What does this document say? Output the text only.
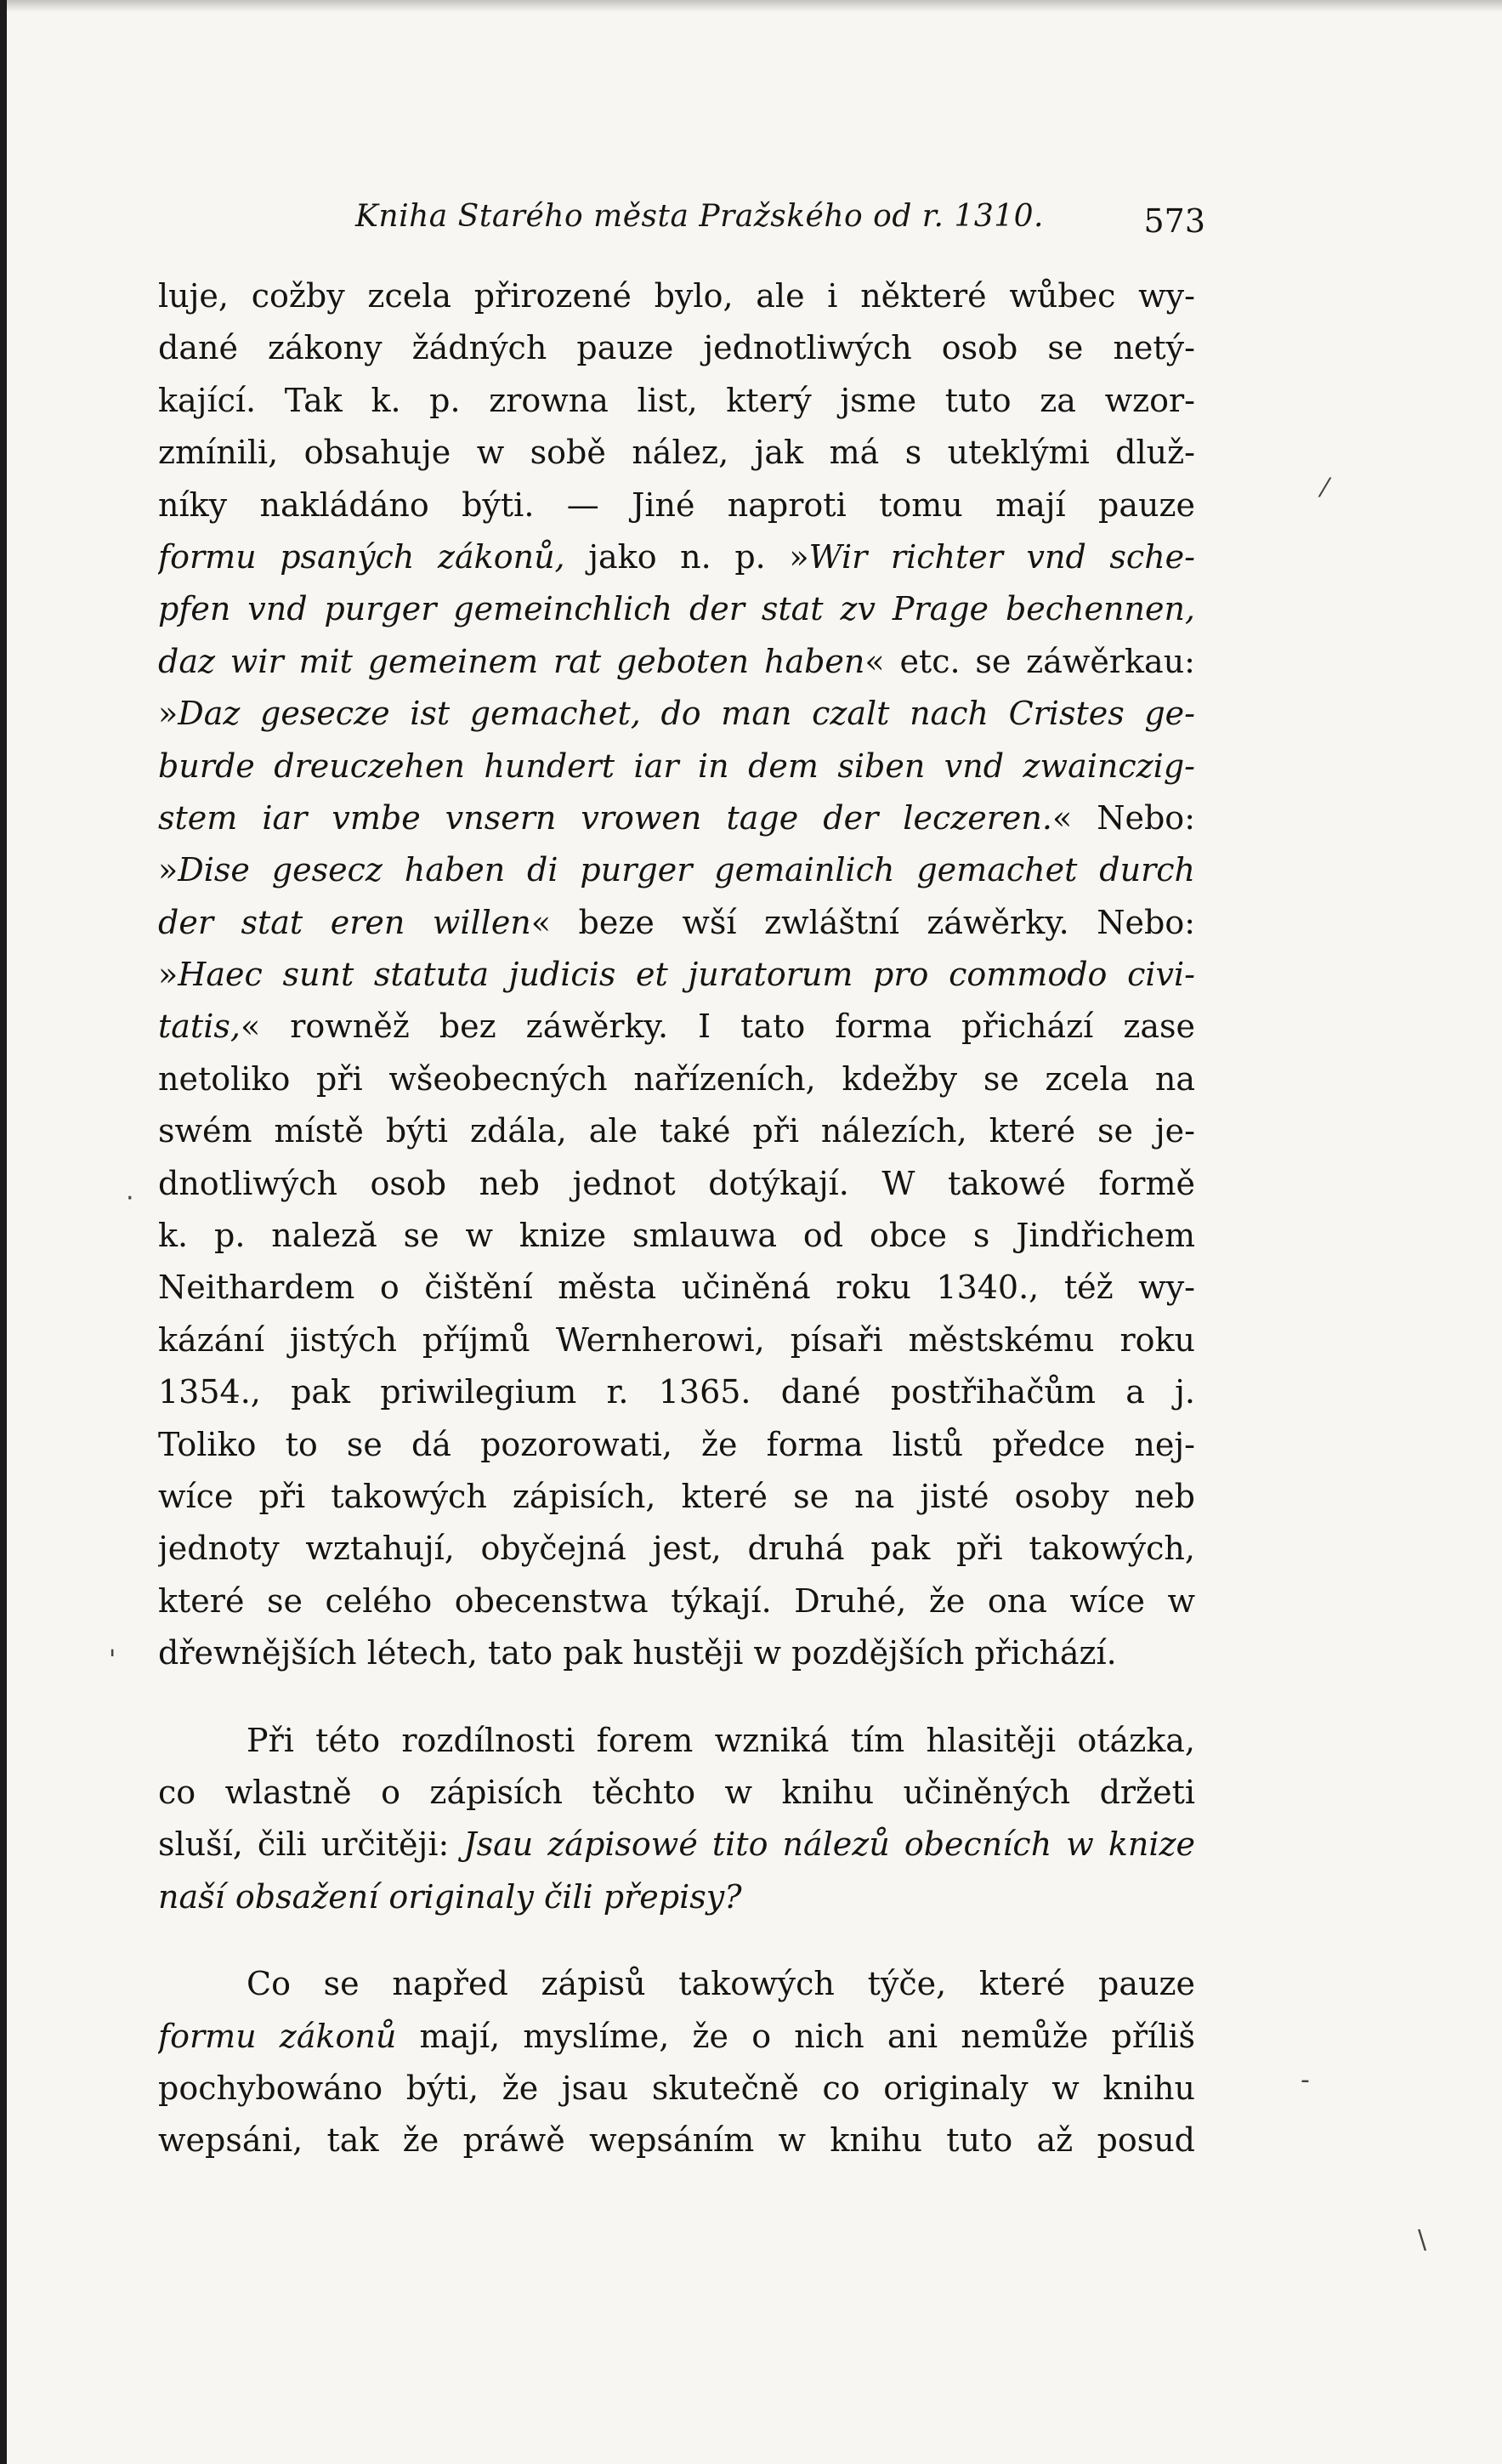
Kniha Starého města Pražského od r. 1310.	573
luje, cožby zcela přirozené bylo, ale i některé wůbec wy-
dané zákony žádných pauze jednotliwých osob se netý-
kající. Tak k. p. zrowna list, který jsme tuto za wzor-
zmínili, obsahuje w sobě nález, jak má s uteklými dluž-
níky nakládáno býti. — Jiné naproti tomu mají pauze
formu psaných zákonů, jako n. p. »Wir richter vnd sche-
pfen vnd purger gemeinchlich der stat zv Prage bechennen,
daz wir mit gemeinem rat geboten haben« etc. se záwěrkau:
»Daz gesecze ist gemachet, do man czalt nach Cristes ge-
burde dreuczehen hundert iar in dem siben vnd zwainczig-
stem iar vmbe vnsern vrowen tage der leczeren.« Nebo:
»Dise gesecz haben di purger gemainlich gemachet durch
der stat eren willen« beze wší zwláštní záwěrky. Nebo:
»Haec sunt statuta judicis et juratorum pro commodo civi-
tatis,« rowněž bez záwěrky. I tato forma přichází zase
netoliko při wšeobecných nařízeních, kdežby se zcela na
swém místě býti zdála, ale také při nálezích, které se je-
dnotliwých osob neb jednot dotýkají. W takowé formě
k. p. naleză se w knize smlauwa od obce s Jindřichem
Neithardem o čištění města učiněná roku 1340., též wy-
kázání jistých příjmů Wernherowi, písaři městskému roku
1354., pak priwilegium r. 1365. dané postřihačům a j.
Toliko to se dá pozorowati, že forma listů předce nej-
wíce při takowých zápisích, které se na jisté osoby neb
jednoty wztahují, obyčejná jest, druhá pak při takowých,
které se celého obecenstwa týkají. Druhé, že ona wíce w
dřewnějších létech, tato pak hustěji w pozdějších přichází.
Při této rozdílnosti forem wzniká tím hlasitěji otázka,
co wlastně o zápisích těchto w knihu učiněných držeti
sluší, čili určitěji: Jsau zápisowé tito nálezů obecních w knize
naší obsažení originaly čili přepisy?
Co se napřed zápisů takowých týče, které pauze
formu zákonů mají, myslíme, že o nich ani nemůže příliš
pochybowáno býti, že jsau skutečně co originaly w knihu
wepsáni, tak že práwě wepsáním w knihu tuto až posud
⁄
·
'
-
\
